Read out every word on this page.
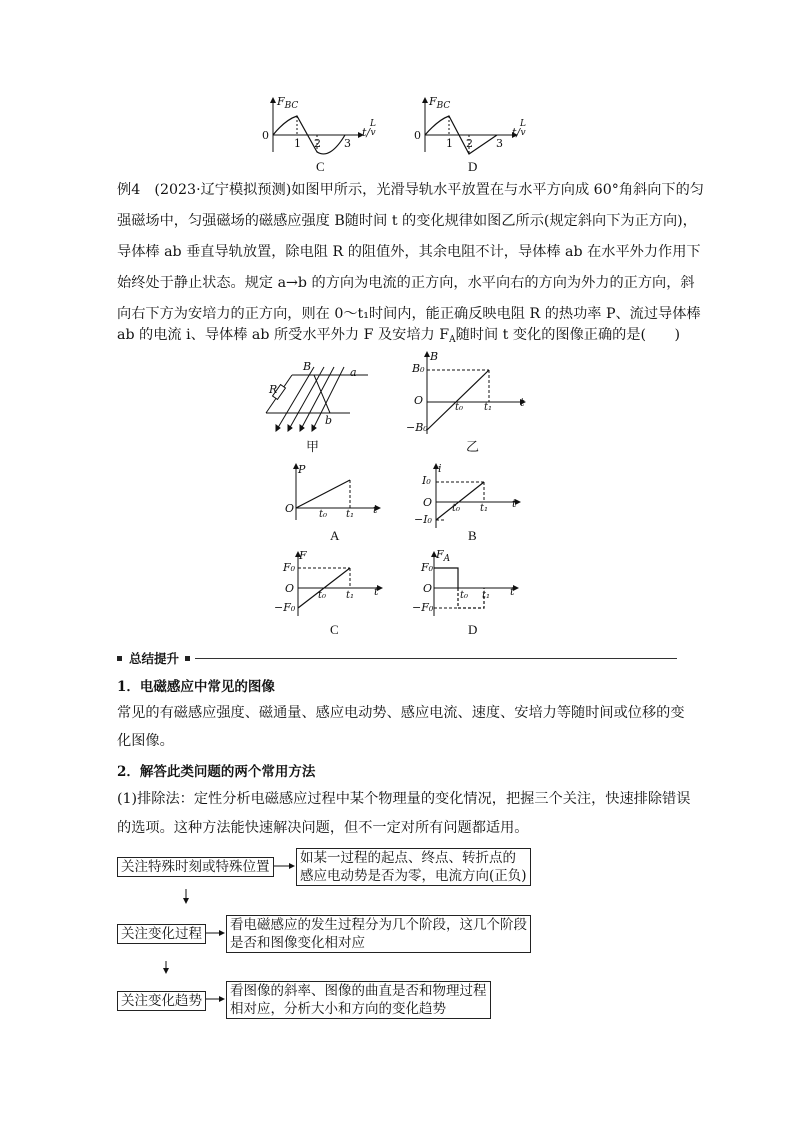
$F_{BC}$
0
1 2 3
t/
L
v
C
$F_{BC}$
0
1 2 3
t/
L
v
D
例4　 (2023·辽宁模拟预测)如图甲所示，光滑导轨水平放置在与水平方向成 60°角斜向下的匀
强磁场中，匀强磁场的磁感应强度 B随时间 t 的变化规律如图乙所示(规定斜向下为正方向)，
导体棒 ab 垂直导轨放置，除电阻 R 的阻值外，其余电阻不计，导体棒 ab 在水平外力作用下
始终处于静止状态。规定 a→b 的方向为电流的正方向，水平向右的方向为外力的正方向，斜
向右下方为安培力的正方向，则在 0～t₁时间内，能正确反映电阻 R 的热功率 P、流过导体棒
ab 的电流 i、导体棒 ab 所受水平外力 F 及安培力 $F_A$随时间 t 变化的图像正确的是(　　)
B	a
R
b
甲
B
B₀
O
−B₀
t₀ t₁	t
乙
P
O t₀ t₁ t
A
i
I₀
O
−I₀
t₀ t₁ t
B
F
F₀
O
−F₀
t₀ t₁ t
C
$F_A$
F₀
O
−F₀
t₀ t₁ t
D
总结提升
1．电磁感应中常见的图像
常见的有磁感应强度、磁通量、感应电动势、感应电流、速度、安培力等随时间或位移的变
化图像。
2．解答此类问题的两个常用方法
(1)排除法：定性分析电磁感应过程中某个物理量的变化情况，把握三个关注，快速排除错误
的选项。这种方法能快速解决问题，但不一定对所有问题都适用。
关注特殊时刻或特殊位置
如某一过程的起点、终点、转折点的
感应电动势是否为零，电流方向(正负)
关注变化过程
看电磁感应的发生过程分为几个阶段，这几个阶段
是否和图像变化相对应
关注变化趋势
看图像的斜率、图像的曲直是否和物理过程
相对应，分析大小和方向的变化趋势
